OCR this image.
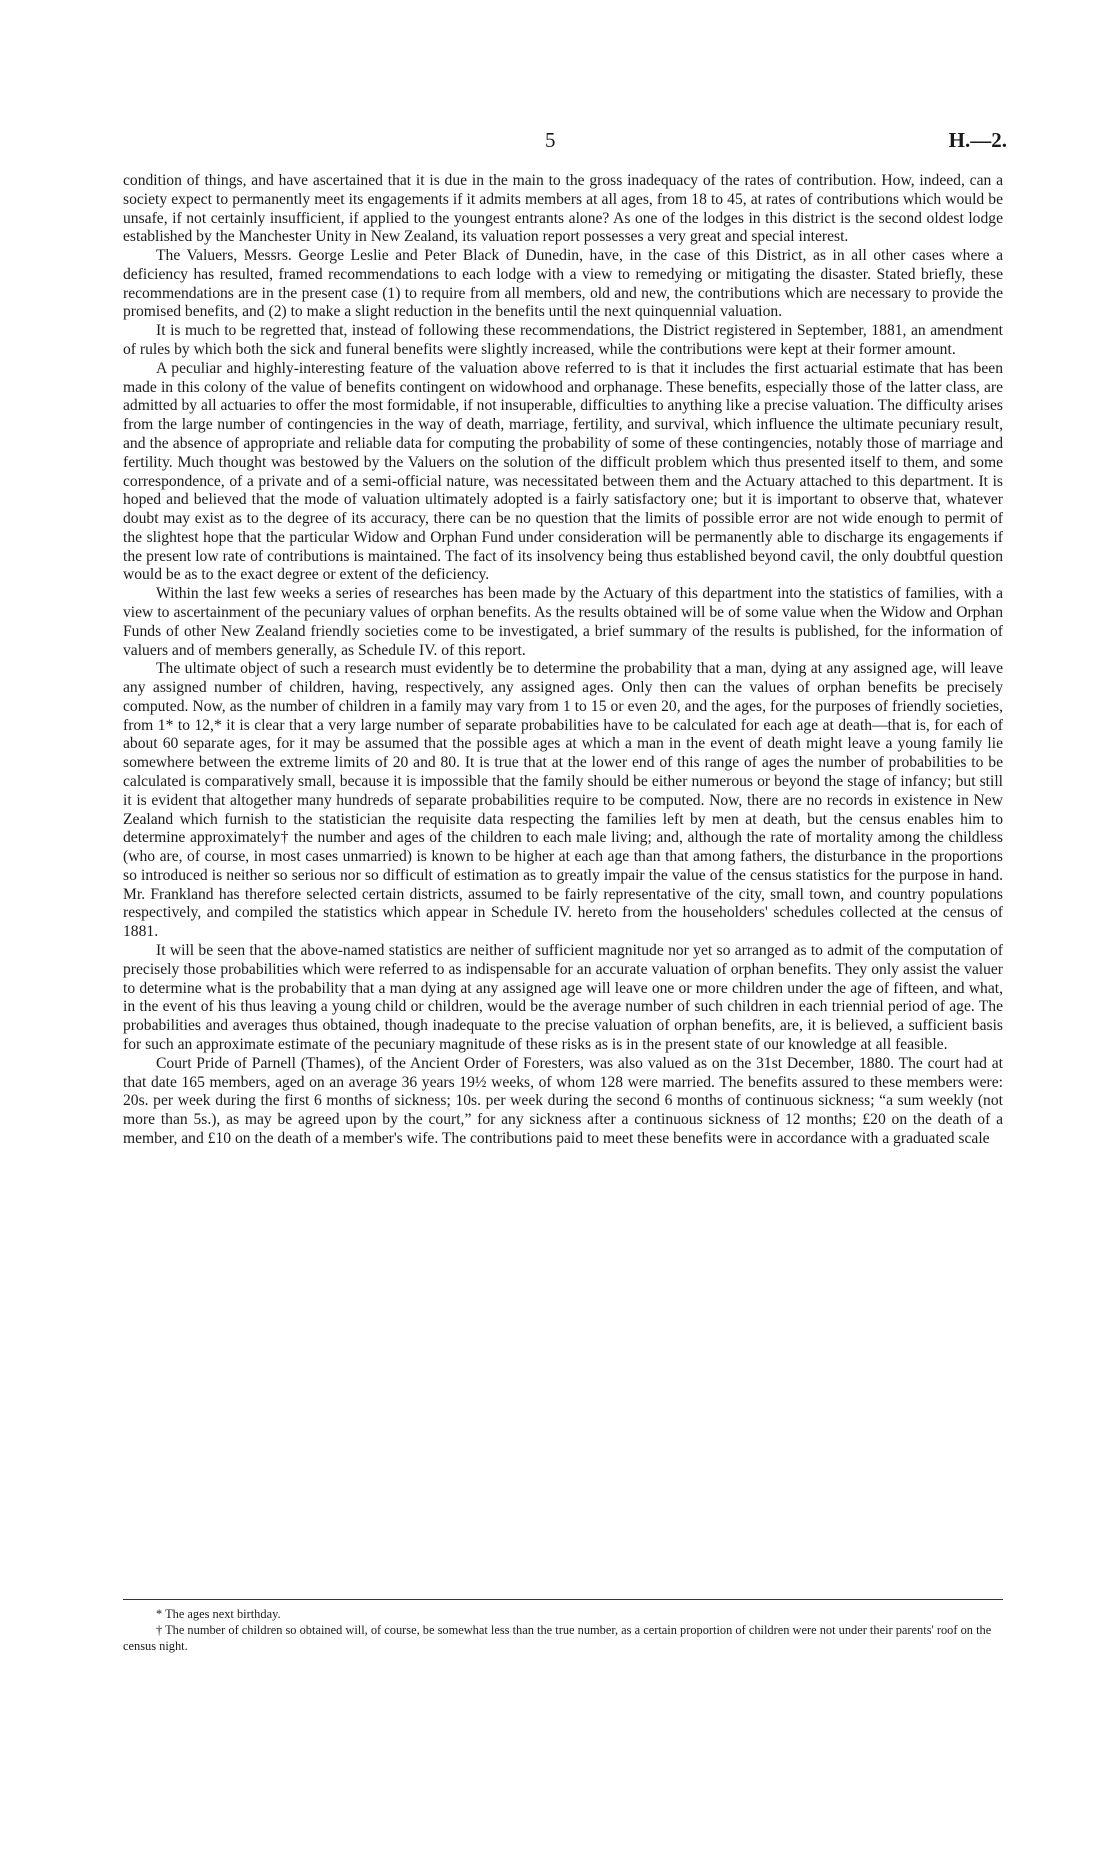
5	H.—2.

condition of things, and have ascertained that it is due in the main to the gross inadequacy of the rates of contribution. How, indeed, can a society expect to permanently meet its engagements if it admits members at all ages, from 18 to 45, at rates of contributions which would be unsafe, if not certainly insufficient, if applied to the youngest entrants alone? As one of the lodges in this district is the second oldest lodge established by the Manchester Unity in New Zealand, its valuation report possesses a very great and special interest.

The Valuers, Messrs. George Leslie and Peter Black of Dunedin, have, in the case of this District, as in all other cases where a deficiency has resulted, framed recommendations to each lodge with a view to remedying or mitigating the disaster. Stated briefly, these recommendations are in the present case (1) to require from all members, old and new, the contributions which are necessary to provide the promised benefits, and (2) to make a slight reduction in the benefits until the next quinquennial valuation.

It is much to be regretted that, instead of following these recommendations, the District registered in September, 1881, an amendment of rules by which both the sick and funeral benefits were slightly increased, while the contributions were kept at their former amount.

A peculiar and highly-interesting feature of the valuation above referred to is that it includes the first actuarial estimate that has been made in this colony of the value of benefits contingent on widowhood and orphanage. These benefits, especially those of the latter class, are admitted by all actuaries to offer the most formidable, if not insuperable, difficulties to anything like a precise valuation. The difficulty arises from the large number of contingencies in the way of death, marriage, fertility, and survival, which influence the ultimate pecuniary result, and the absence of appropriate and reliable data for computing the probability of some of these contingencies, notably those of marriage and fertility. Much thought was bestowed by the Valuers on the solution of the difficult problem which thus presented itself to them, and some correspondence, of a private and of a semi-official nature, was necessitated between them and the Actuary attached to this department. It is hoped and believed that the mode of valuation ultimately adopted is a fairly satisfactory one; but it is important to observe that, whatever doubt may exist as to the degree of its accuracy, there can be no question that the limits of possible error are not wide enough to permit of the slightest hope that the particular Widow and Orphan Fund under consideration will be permanently able to discharge its engagements if the present low rate of contributions is maintained. The fact of its insolvency being thus established beyond cavil, the only doubtful question would be as to the exact degree or extent of the deficiency.

Within the last few weeks a series of researches has been made by the Actuary of this department into the statistics of families, with a view to ascertainment of the pecuniary values of orphan benefits. As the results obtained will be of some value when the Widow and Orphan Funds of other New Zealand friendly societies come to be investigated, a brief summary of the results is published, for the information of valuers and of members generally, as Schedule IV. of this report.

The ultimate object of such a research must evidently be to determine the probability that a man, dying at any assigned age, will leave any assigned number of children, having, respectively, any assigned ages. Only then can the values of orphan benefits be precisely computed. Now, as the number of children in a family may vary from 1 to 15 or even 20, and the ages, for the purposes of friendly societies, from 1* to 12,* it is clear that a very large number of separate probabilities have to be calculated for each age at death—that is, for each of about 60 separate ages, for it may be assumed that the possible ages at which a man in the event of death might leave a young family lie somewhere between the extreme limits of 20 and 80. It is true that at the lower end of this range of ages the number of probabilities to be calculated is comparatively small, because it is impossible that the family should be either numerous or beyond the stage of infancy; but still it is evident that altogether many hundreds of separate probabilities require to be computed. Now, there are no records in existence in New Zealand which furnish to the statistician the requisite data respecting the families left by men at death, but the census enables him to determine approximately† the number and ages of the children to each male living; and, although the rate of mortality among the childless (who are, of course, in most cases unmarried) is known to be higher at each age than that among fathers, the disturbance in the proportions so introduced is neither so serious nor so difficult of estimation as to greatly impair the value of the census statistics for the purpose in hand. Mr. Frankland has therefore selected certain districts, assumed to be fairly representative of the city, small town, and country populations respectively, and compiled the statistics which appear in Schedule IV. hereto from the householders' schedules collected at the census of 1881.

It will be seen that the above-named statistics are neither of sufficient magnitude nor yet so arranged as to admit of the computation of precisely those probabilities which were referred to as indispensable for an accurate valuation of orphan benefits. They only assist the valuer to determine what is the probability that a man dying at any assigned age will leave one or more children under the age of fifteen, and what, in the event of his thus leaving a young child or children, would be the average number of such children in each triennial period of age. The probabilities and averages thus obtained, though inadequate to the precise valuation of orphan benefits, are, it is believed, a sufficient basis for such an approximate estimate of the pecuniary magnitude of these risks as is in the present state of our knowledge at all feasible.

Court Pride of Parnell (Thames), of the Ancient Order of Foresters, was also valued as on the 31st December, 1880. The court had at that date 165 members, aged on an average 36 years 19½ weeks, of whom 128 were married. The benefits assured to these members were: 20s. per week during the first 6 months of sickness; 10s. per week during the second 6 months of continuous sickness; “a sum weekly (not more than 5s.), as may be agreed upon by the court,” for any sickness after a continuous sickness of 12 months; £20 on the death of a member, and £10 on the death of a member's wife. The contributions paid to meet these benefits were in accordance with a graduated scale

* The ages next birthday.

† The number of children so obtained will, of course, be somewhat less than the true number, as a certain proportion of children were not under their parents' roof on the census night.
